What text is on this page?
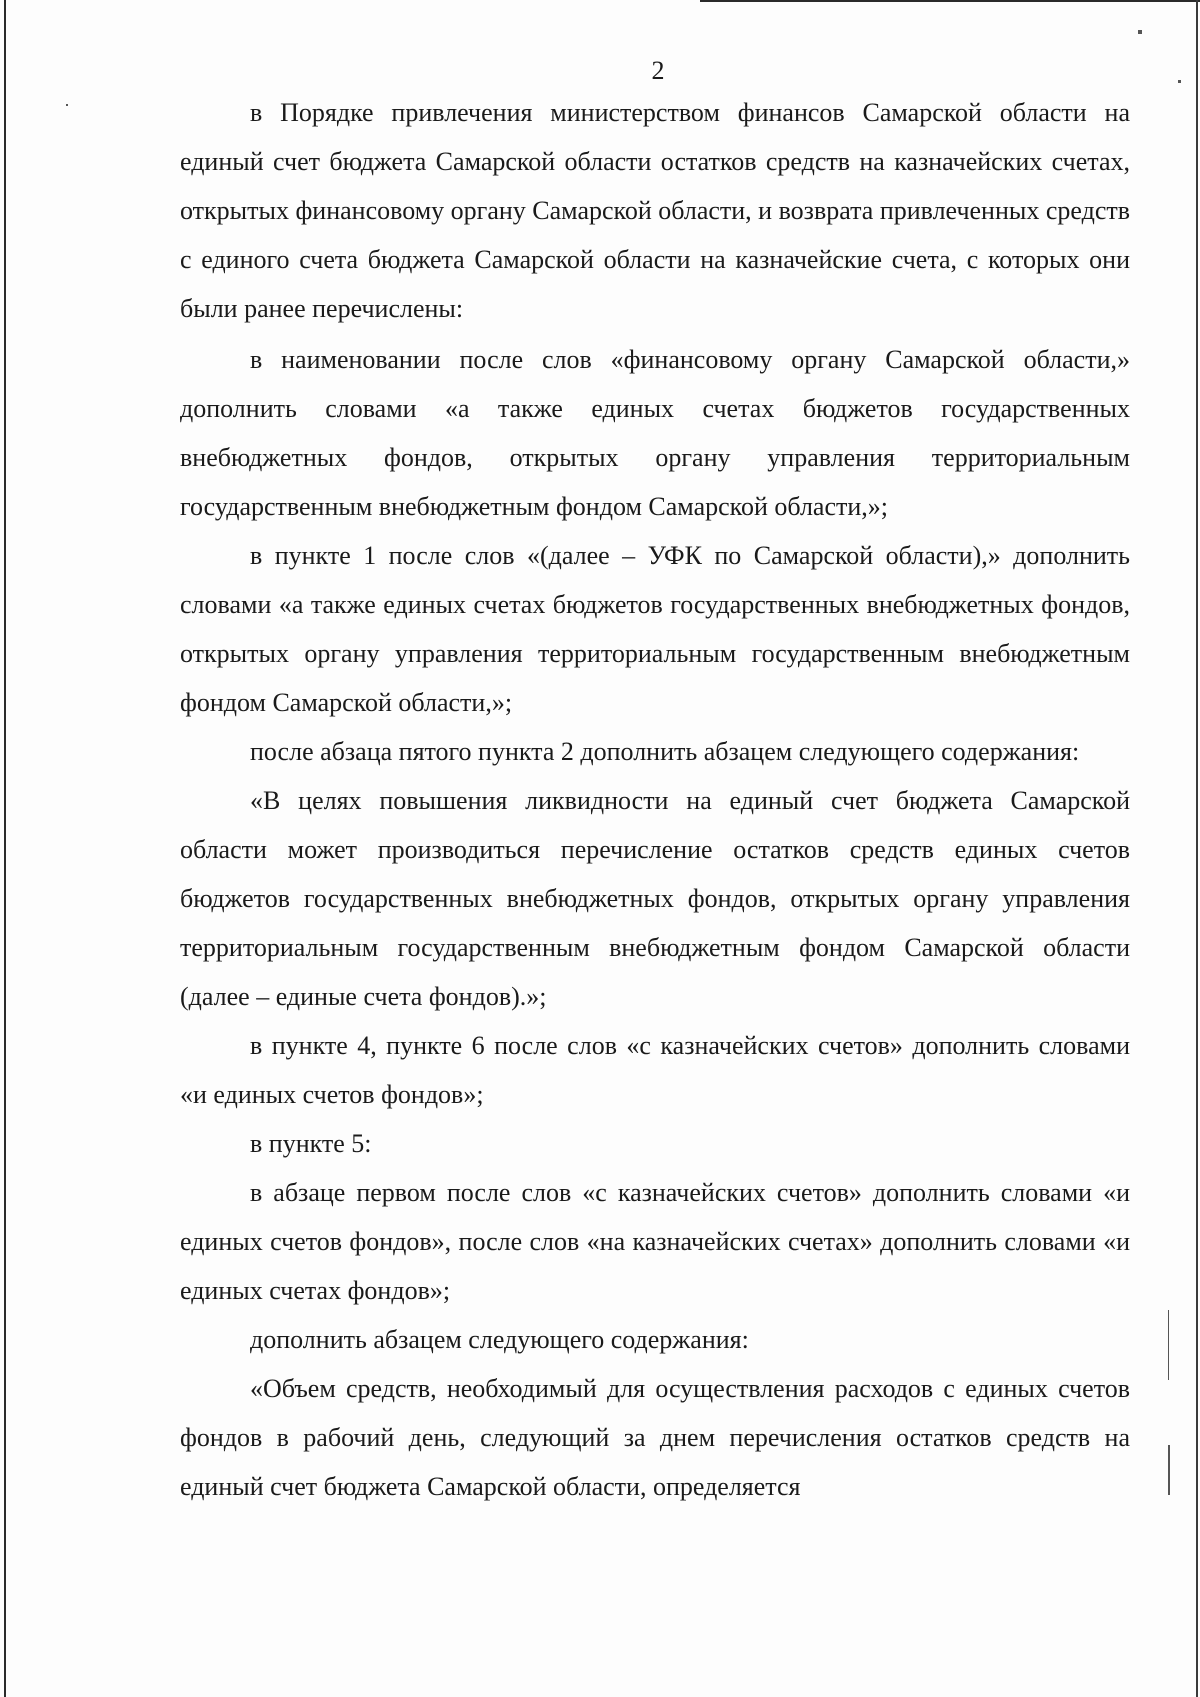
2

в Порядке привлечения министерством финансов Самарской области на единый счет бюджета Самарской области остатков средств на казначейских счетах, открытых финансовому органу Самарской области, и возврата привлеченных средств с единого счета бюджета Самарской области на казначейские счета, с которых они были ранее перечислены:

в наименовании после слов «финансовому органу Самарской области,» дополнить словами «а также единых счетах бюджетов государственных внебюджетных фондов, открытых органу управления территориальным государственным внебюджетным фондом Самарской области,»;

в пункте 1 после слов «(далее – УФК по Самарской области),» дополнить словами «а также единых счетах бюджетов государственных внебюджетных фондов, открытых органу управления территориальным государственным внебюджетным фондом Самарской области,»;

после абзаца пятого пункта 2 дополнить абзацем следующего содержания:

«В целях повышения ликвидности на единый счет бюджета Самарской области может производиться перечисление остатков средств единых счетов бюджетов государственных внебюджетных фондов, открытых органу управления территориальным государственным внебюджетным фондом Самарской области (далее – единые счета фондов).»;

в пункте 4, пункте 6 после слов «с казначейских счетов» дополнить словами «и единых счетов фондов»;

в пункте 5:

в абзаце первом после слов «с казначейских счетов» дополнить словами «и единых счетов фондов», после слов «на казначейских счетах» дополнить словами «и единых счетах фондов»;

дополнить абзацем следующего содержания:

«Объем средств, необходимый для осуществления расходов с единых счетов фондов в рабочий день, следующий за днем перечисления остатков средств на единый счет бюджета Самарской области, определяется
